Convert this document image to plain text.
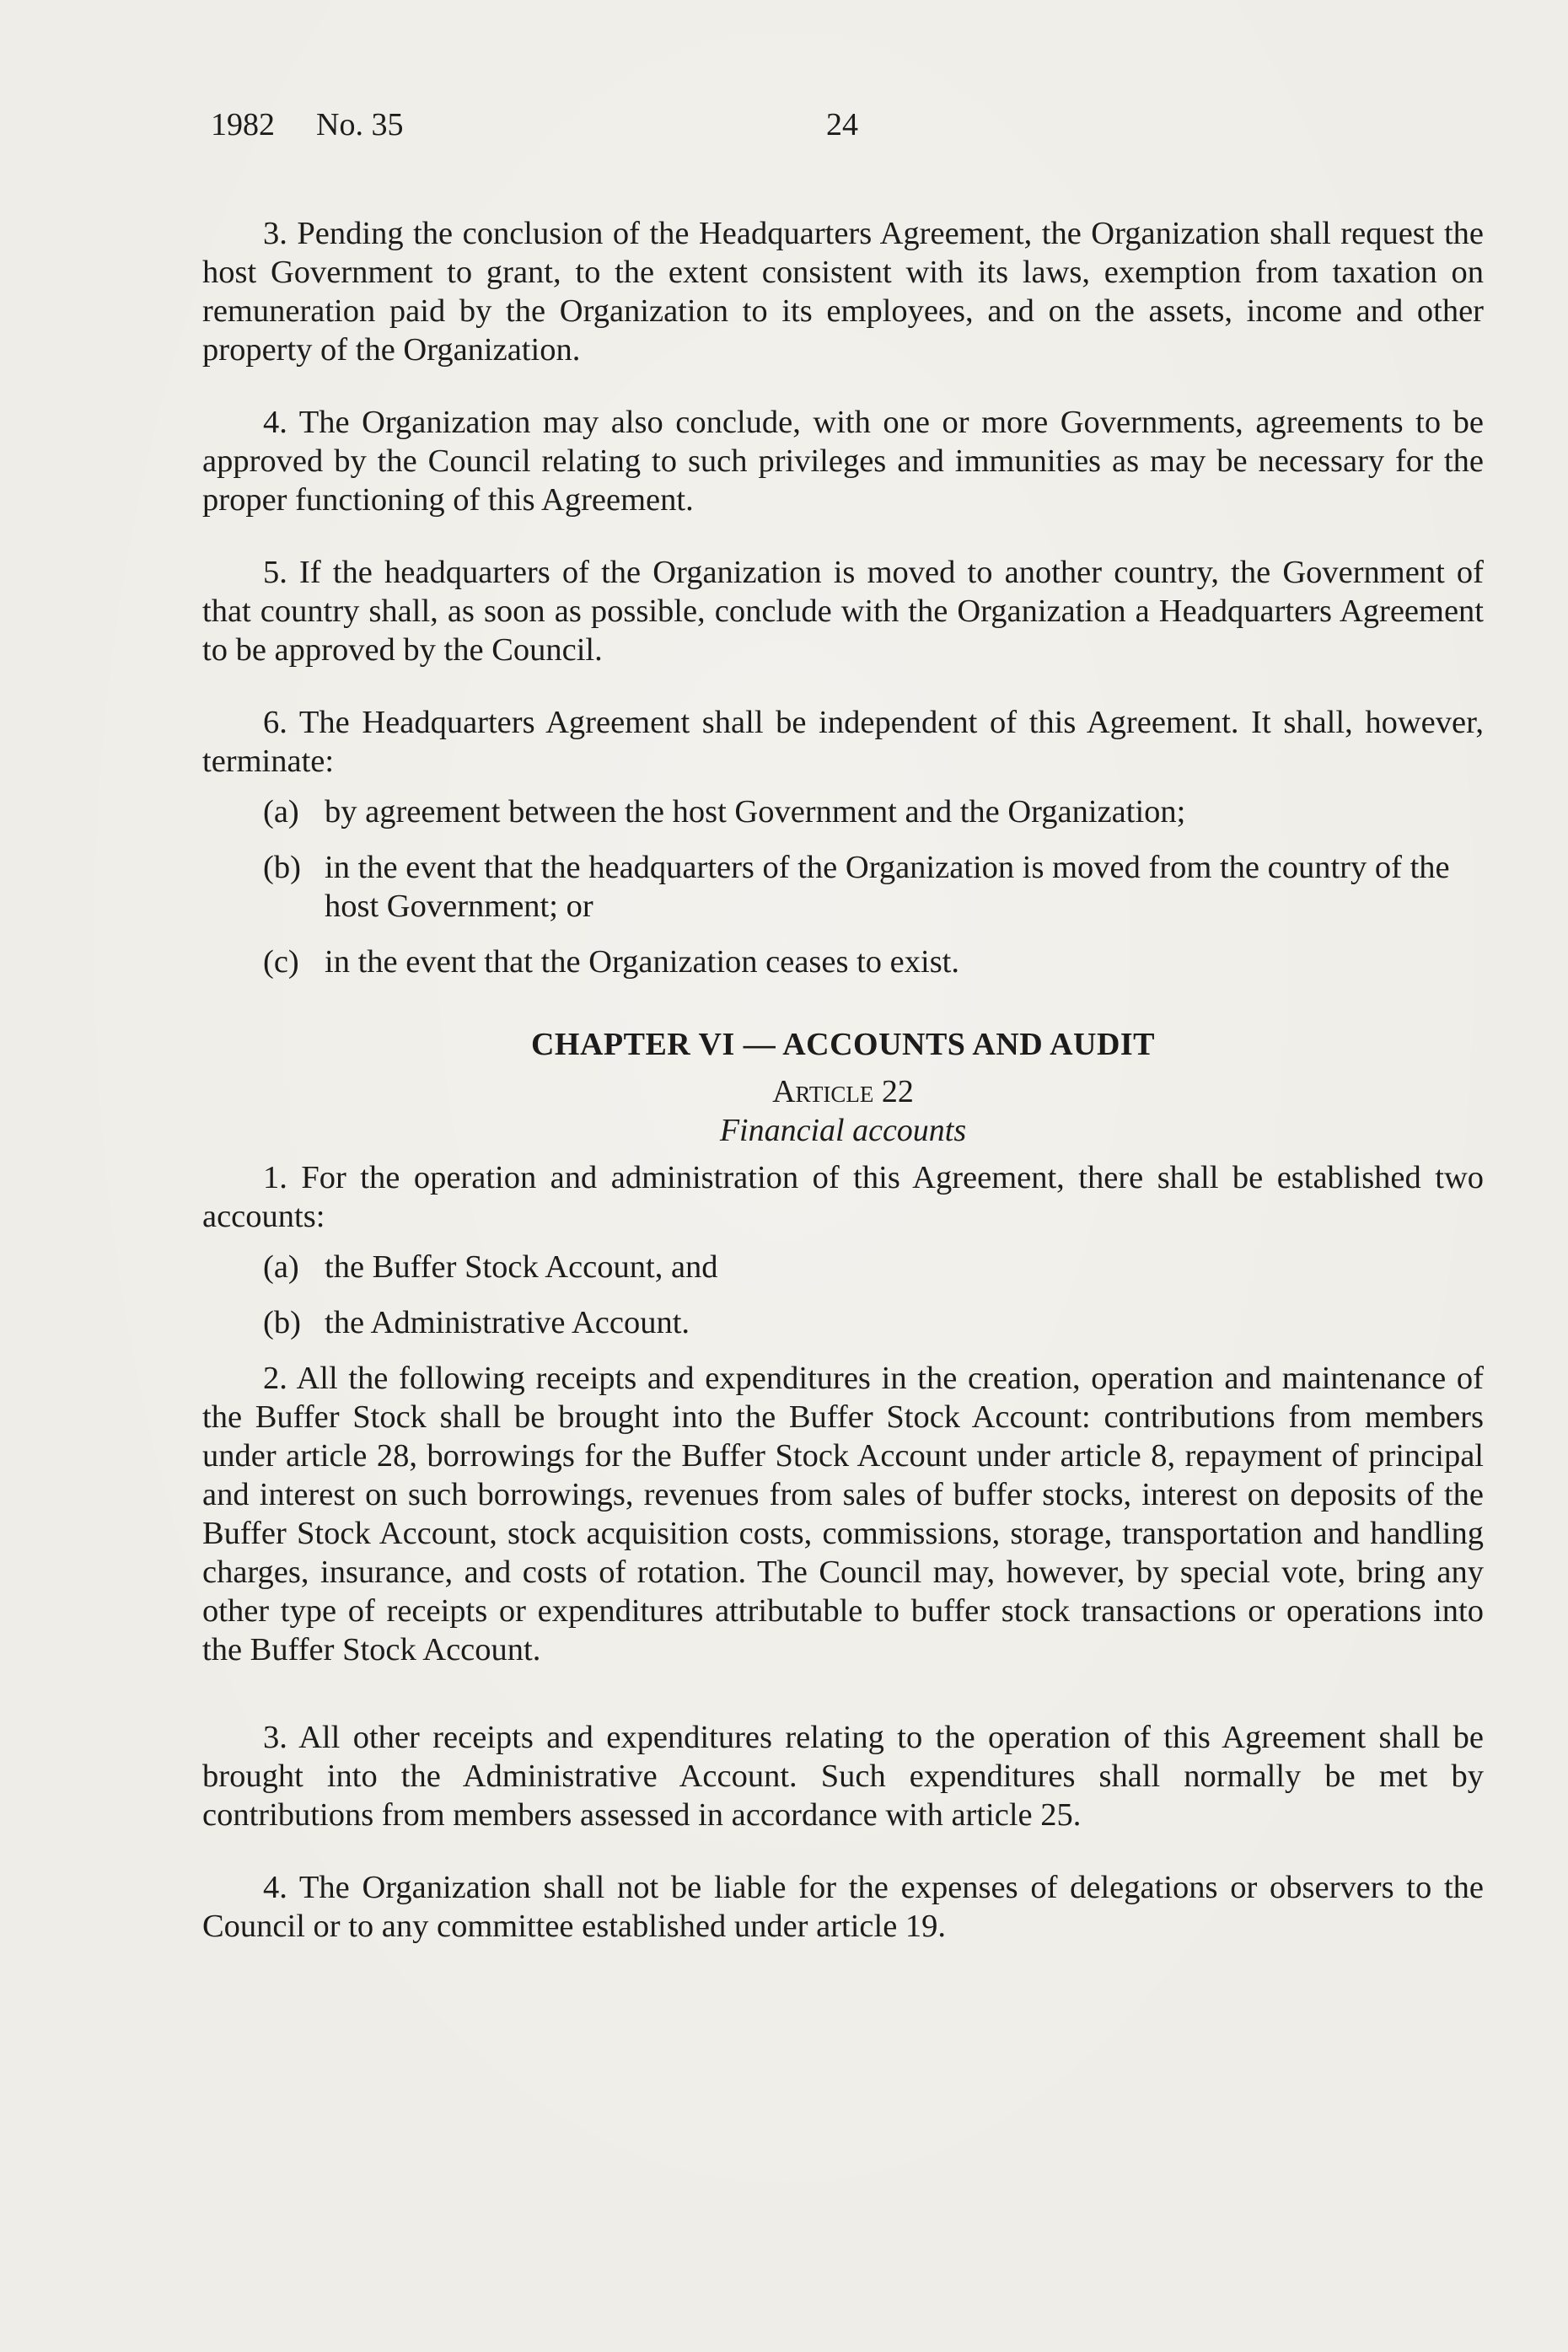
1982 No. 35	24

3. Pending the conclusion of the Headquarters Agreement, the Organization shall request the host Government to grant, to the extent consistent with its laws, exemption from taxation on remuneration paid by the Organization to its employees, and on the assets, income and other property of the Organization.

4. The Organization may also conclude, with one or more Governments, agreements to be approved by the Council relating to such privileges and immunities as may be necessary for the proper functioning of this Agreement.

5. If the headquarters of the Organization is moved to another country, the Government of that country shall, as soon as possible, conclude with the Organization a Headquarters Agreement to be approved by the Council.

6. The Headquarters Agreement shall be independent of this Agreement. It shall, however, terminate:

(a) by agreement between the host Government and the Organization;
(b) in the event that the headquarters of the Organization is moved from the country of the host Government; or
(c) in the event that the Organization ceases to exist.
CHAPTER VI — ACCOUNTS AND AUDIT
Article 22
Financial accounts

1. For the operation and administration of this Agreement, there shall be established two accounts:

(a) the Buffer Stock Account, and
(b) the Administrative Account.

2. All the following receipts and expenditures in the creation, operation and maintenance of the Buffer Stock shall be brought into the Buffer Stock Account: contributions from members under article 28, borrowings for the Buffer Stock Account under article 8, repayment of principal and interest on such borrowings, revenues from sales of buffer stocks, interest on deposits of the Buffer Stock Account, stock acquisition costs, commissions, storage, transportation and handling charges, insurance, and costs of rotation. The Council may, however, by special vote, bring any other type of receipts or expenditures attributable to buffer stock transactions or operations into the Buffer Stock Account.

3. All other receipts and expenditures relating to the operation of this Agreement shall be brought into the Administrative Account. Such expenditures shall normally be met by contributions from members assessed in accordance with article 25.

4. The Organization shall not be liable for the expenses of delegations or observers to the Council or to any committee established under article 19.
